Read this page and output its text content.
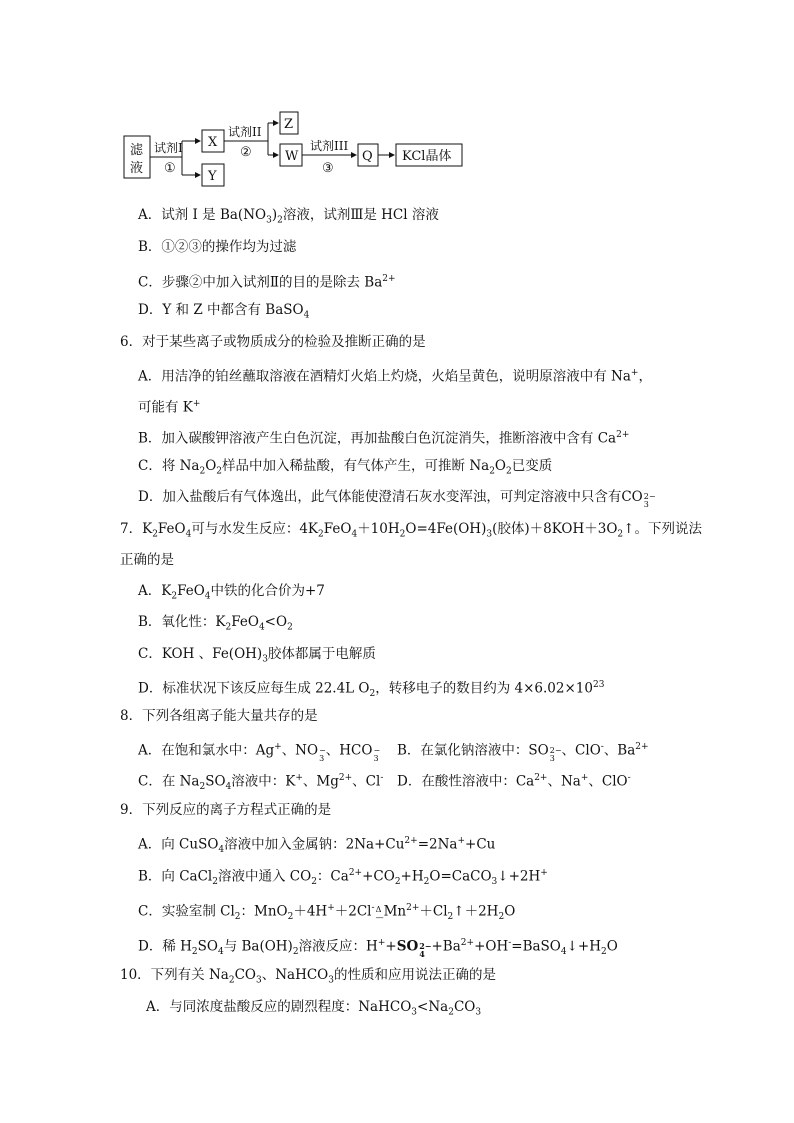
滤
液
试剂I
①
X
Y
试剂II
②
Z
W
试剂III
③
Q KCl晶体
A．试剂 I 是 $Ba(NO_3)_2$溶液，试剂Ⅲ是 HCl 溶液
B．①②③的操作均为过滤
C．步骤②中加入试剂Ⅱ的目的是除去 $Ba^{2+}$
D．Y 和 Z 中都含有 BaSO$_4$
6．对于某些离子或物质成分的检验及推断正确的是
A．用洁净的铂丝蘸取溶液在酒精灯火焰上灼烧，火焰呈黄色，说明原溶液中有 Na+，
可能有 K+
B．加入碳酸钾溶液产生白色沉淀，再加盐酸白色沉淀消失，推断溶液中含有 $Ca^{2+}$
C．将 $Na_2O_2$样品中加入稀盐酸，有气体产生，可推断 $Na_2O_2$已变质
D．加入盐酸后有气体逸出，此气体能使澄清石灰水变浑浊，可判定溶液中只含有CO 2−
3
7．$K_2FeO_4$可与水发生反应：$4K_2FeO_4+10H_2O=4Fe(OH)_3$(胶体)$+8KOH+3O_2↑$。下列说法
正确的是
A．$K_2FeO_4$中铁的化合价为+7
B．氧化性：$K_2FeO_4<O_2$
C．KOH 、$Fe(OH)_3$胶体都属于电解质
D．标准状况下该反应每生成 22.4L $O_2$，转移电子的数目约为 $4\times 6.02\times 10^{23}$
8．下列各组离子能大量共存的是
A．在饱和氯水中：Ag+、NO −
3 、HCO −
3 B．在氯化钠溶液中：SO 2−
3 、ClO-、$Ba^{2+}$
C．在 $Na_2SO_4$溶液中：K+、$Mg^{2+}$、Cl- D．在酸性溶液中：$Ca^{2+}$、Na+、ClO-
9．下列反应的离子方程式正确的是
A．向 CuSO$_4$溶液中加入金属钠：$2Na+Cu^{2+}=2Na^++Cu$
B．向 CaCl$_2$溶液中通入 $CO_2$：$Ca^{2+}+CO_2+H_2O=CaCO_3↓+2H^+$
C．实验室制 $Cl_2$：MnO$_2$＋4H+＋2Cl- Δ
— $Mn^{2+}+Cl_2↑+2H_2O$
D．稀 $H_2SO_4$与 $Ba(OH)_2$溶液反应：H++SO 2−
$4 +Ba^{2+}+OH^-=BaSO_4↓+H_2O$
10．下列有关 $Na_2CO_3$、NaHCO$_3$的性质和应用说法正确的是
A．与同浓度盐酸反应的剧烈程度：$NaHCO_3<Na_2CO_3$
